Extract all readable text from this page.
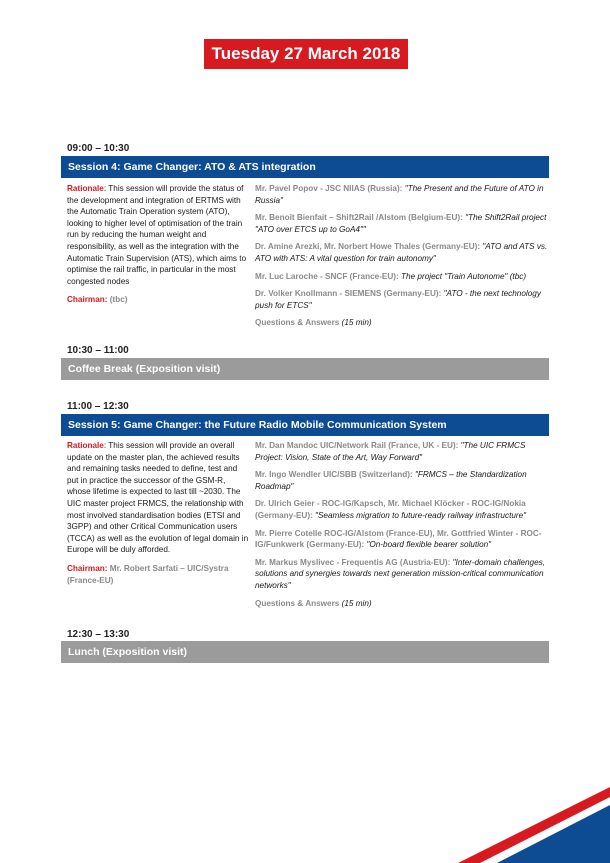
Tuesday 27 March 2018
09:00 – 10:30
Session 4: Game Changer: ATO & ATS integration

Rationale: This session will provide the status of the development and integration of ERTMS with the Automatic Train Operation system (ATO), looking to higher level of optimisation of the train run by reducing the human weight and responsibility, as well as the integration with the Automatic Train Supervision (ATS), which aims to optimise the rail traffic, in particular in the most congested nodes

Chairman: (tbc)

Mr. Pavel Popov - JSC NIIAS (Russia): "The Present and the Future of ATO in Russia"

Mr. Benoît Bienfait – Shift2Rail /Alstom (Belgium-EU): "The Shift2Rail project "ATO over ETCS up to GoA4""

Dr. Amine Arezki, Mr. Norbert Howe Thales (Germany-EU): "ATO and ATS vs. ATO with ATS: A vital question for train autonomy"

Mr. Luc Laroche - SNCF (France-EU): The project "Train Autonome" (tbc)

Dr. Volker Knollmann - SIEMENS (Germany-EU): "ATO - the next technology push for ETCS"

Questions & Answers (15 min)

10:30 – 11:00
Coffee Break (Exposition visit)
11:00 – 12:30
Session 5: Game Changer: the Future Radio Mobile Communication System

Rationale: This session will provide an overall update on the master plan, the achieved results and remaining tasks needed to define, test and put in practice the successor of the GSM-R, whose lifetime is expected to last till ~2030. The UIC master project FRMCS, the relationship with most involved standardisation bodies (ETSI and 3GPP) and other Critical Communication users (TCCA) as well as the evolution of legal domain in Europe will be duly afforded.

Chairman: Mr. Robert Sarfati – UIC/Systra (France-EU)

Mr. Dan Mandoc UIC/Network Rail (France, UK - EU): "The UIC FRMCS Project: Vision, State of the Art, Way Forward"

Mr. Ingo Wendler UIC/SBB (Switzerland): "FRMCS – the Standardization Roadmap"

Dr. Ulrich Geier - ROC-IG/Kapsch, Mr. Michael Klöcker - ROC-IG/Nokia (Germany-EU): "Seamless migration to future-ready railway infrastructure"

Mr. Pierre Cotelle ROC-IG/Alstom (France-EU), Mr. Gottfried Winter - ROC-IG/Funkwerk (Germany-EU): "On-board flexible bearer solution"

Mr. Markus Myslivec - Frequentis AG (Austria-EU): "Inter-domain challenges, solutions and synergies towards next generation mission-critical communication networks"

Questions & Answers (15 min)

12:30 – 13:30
Lunch (Exposition visit)
